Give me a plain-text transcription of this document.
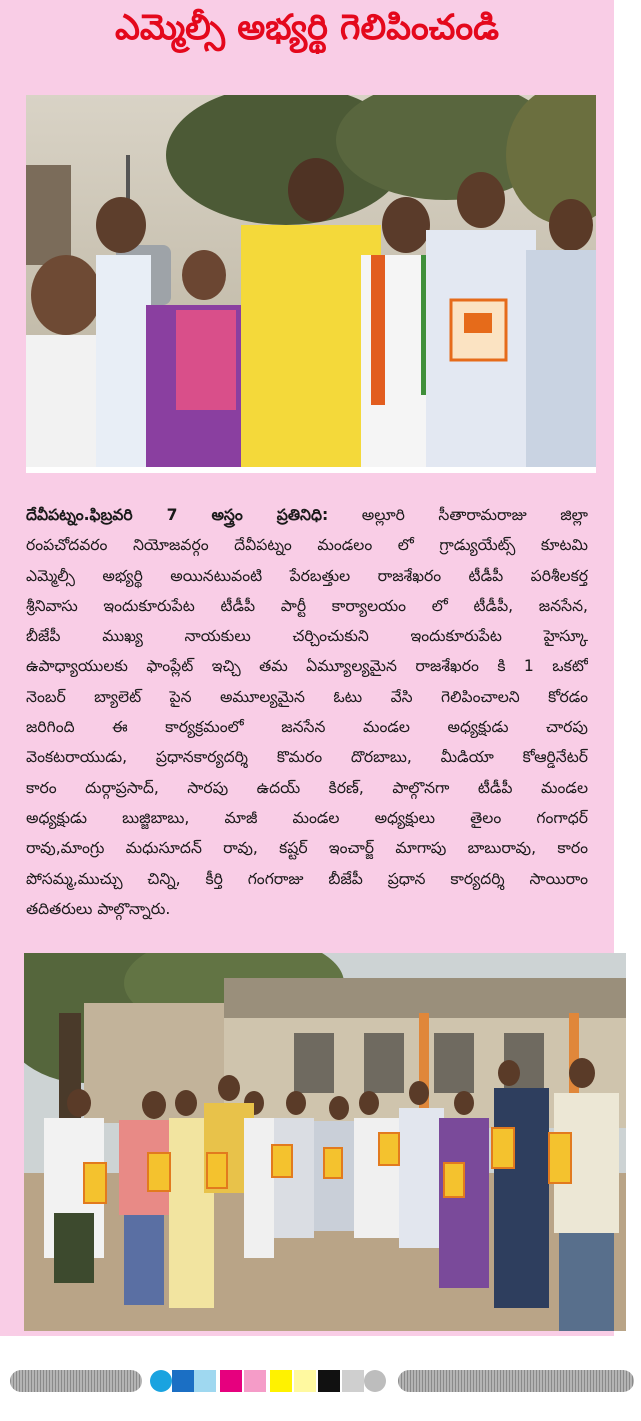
ఎమ్మెల్సీ అభ్యర్థి గెలిపించండి
దేవీపట్నం.ఫిబ్రవరి 7 అస్త్రం ప్రతినిధి: అల్లూరి సీతారామరాజు జిల్లా
రంపచోదవరం నియోజవర్గం దేవీపట్నం మండలం లో గ్రాడ్యుయేట్స్ కూటమి
ఎమ్మెల్సీ అభ్యర్థి అయినటువంటి పేరబత్తుల రాజశేఖరం టీడీపీ పరిశీలకర్త
శ్రీనివాసు ఇందుకూరుపేట టీడీపీ పార్టీ కార్యాలయం లో టీడీపీ, జనసేన,
బీజేపీ ముఖ్య నాయకులు చర్చించుకుని ఇందుకూరుపేట హైస్కూ
ఉపాధ్యాయులకు ఫాంప్లేట్ ఇచ్చి తమ ఏమ్యూల్యమైన రాజశేఖరం కి 1 ఒకటో
నెంబర్ బ్యాలెట్ పైన అమూల్యమైన ఓటు వేసి గెలిపించాలని కోరడం
జరిగింది ఈ కార్యక్రమంలో జనసేన మండల అధ్యక్షుడు చారపు
వెంకటరాయుడు, ప్రధానకార్యదర్శి కొమరం దొరబాబు, మీడియా కోఆర్డినేటర్
కారం దుర్గాప్రసాద్, సారపు ఉదయ్ కిరణ్, పాల్గొనగా టీడీపీ మండల
అధ్యక్షుడు బుజ్జిబాబు, మాజీ మండల అధ్యక్షులు తైలం గంగాధర్
రావు,మాంగ్రు మధుసూదన్ రావు, కష్టర్ ఇంచార్జ్ మాగాపు బాబురావు, కారం
పోసమ్మ,ముచ్చు చిన్ని, కీర్తి గంగరాజు బీజేపీ ప్రధాన కార్యదర్శి సాయిరాం
తదితరులు పాల్గొన్నారు.
